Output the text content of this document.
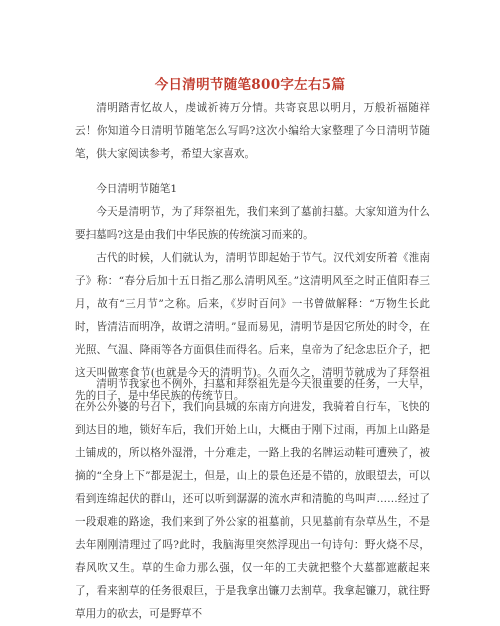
今日清明节随笔800字左右5篇

清明踏青忆故人，虔诚祈祷万分情。共寄哀思以明月，万般祈福随祥云！你知道今日清明节随笔怎么写吗?这次小编给大家整理了今日清明节随笔，供大家阅读参考，希望大家喜欢。

今日清明节随笔1

今天是清明节，为了拜祭祖先，我们来到了墓前扫墓。大家知道为什么要扫墓吗?这是由我们中华民族的传统演习而来的。

古代的时候，人们就认为，清明节即起始于节气。汉代刘安所着《淮南子》称：“春分后加十五日指乙那么清明风至。”这清明风至之时正值阳春三月，故有“三月节”之称。后来，《岁时百问》一书曾做解释：“万物生长此时，皆清洁而明净，故谓之清明。”显而易见，清明节是因它所处的时令，在光照、气温、降雨等各方面俱佳而得名。后来，皇帝为了纪念忠臣介子，把这天叫做寒食节(也就是今天的清明节)。久而久之，清明节就成为了拜祭祖先的日子，是中华民族的传统节日。

清明节我家也不例外，扫墓和拜祭祖先是今天很重要的任务，一大早，在外公外婆的号召下，我们向县城的东南方向进发，我骑着自行车，飞快的到达目的地，锁好车后，我们开始上山，大概由于刚下过雨，再加上山路是土铺成的，所以格外湿滑，十分难走，一路上我的名牌运动鞋可遭殃了，被摘的“全身上下”都是泥土，但是，山上的景色还是不错的，放眼望去，可以看到连绵起伏的群山，还可以听到潺潺的流水声和清脆的鸟叫声……经过了一段艰难的路途，我们来到了外公家的祖墓前，只见墓前有杂草丛生，不是去年刚刚清理过了吗?此时，我脑海里突然浮现出一句诗句：野火烧不尽，春风吹又生。草的生命力那么强，仅一年的工夫就把整个大墓都遮蔽起来了，看来割草的任务很艰巨，于是我拿出镰刀去割草。我拿起镰刀，就往野草用力的砍去，可是野草不
